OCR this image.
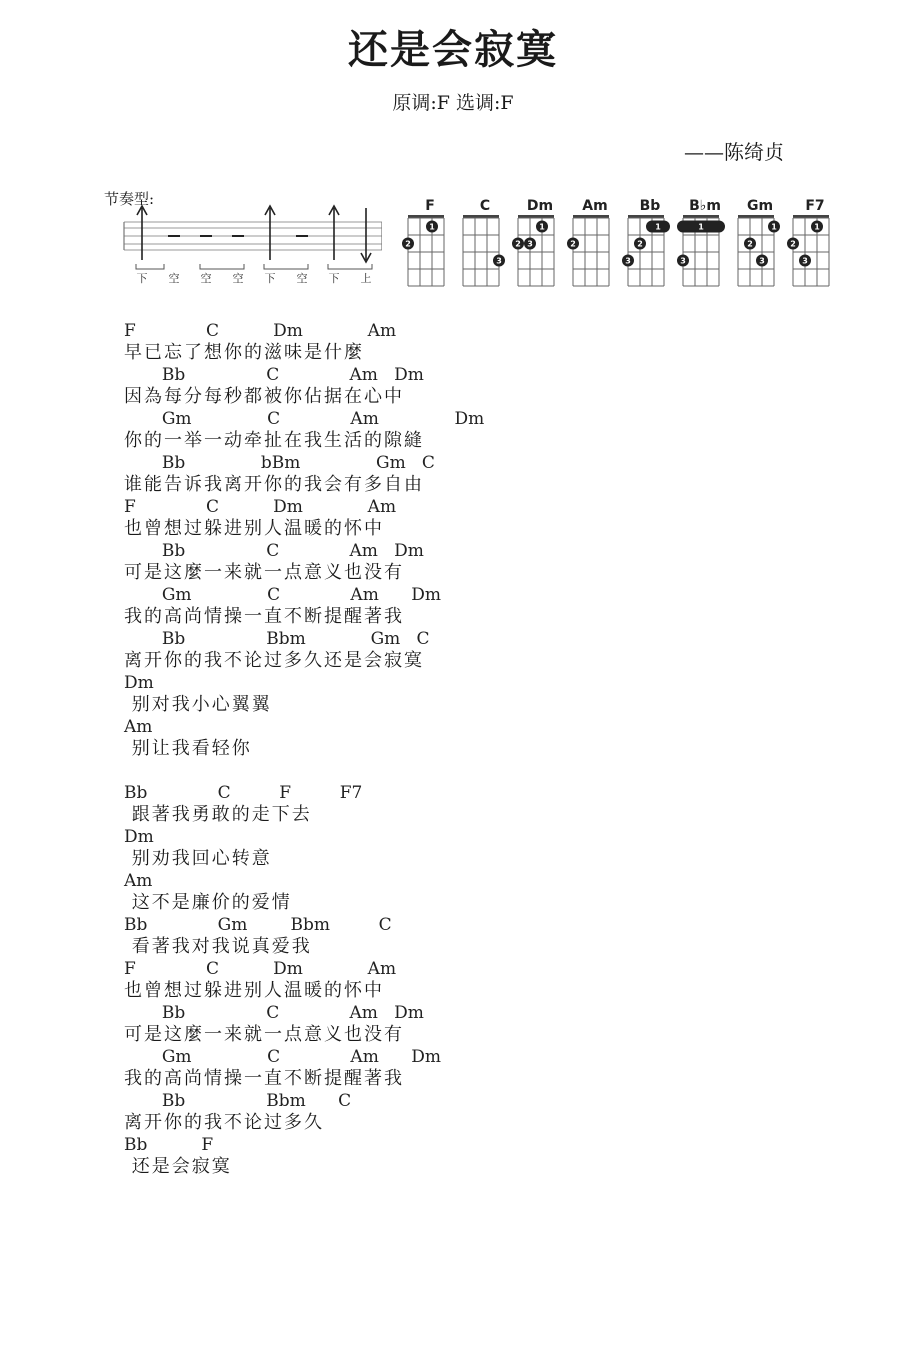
还是会寂寞
原调:F 选调:F
——陈绮贞
节奏型:
下 空 空 空 下 空 下 上
F
2
1
C
3
Dm
2 3
1
Am
2
Bb
1
2
3
B♭m
1
3
Gm
2
1
3
F7
2
3
1
F             C          Dm            Am
早已忘了想你的滋味是什麼
Bb               C             Am   Dm
因為每分每秒都被你佔据在心中
Gm              C             Am              Dm
你的一举一动牵扯在我生活的隙縫
Bb              bBm              Gm   C
谁能告诉我离开你的我会有多自由
F             C          Dm            Am
也曾想过躲进别人温暖的怀中
Bb               C             Am   Dm
可是这麼一来就一点意义也没有
Gm              C             Am      Dm
我的高尚情操一直不断提醒著我
Bb               Bbm            Gm   C
离开你的我不论过多久还是会寂寞
Dm
别对我小心翼翼
Am
别让我看轻你
Bb             C         F         F7
跟著我勇敢的走下去
Dm
别劝我回心转意
Am
这不是廉价的爱情
Bb             Gm        Bbm         C
看著我对我说真爱我
F             C          Dm            Am
也曾想过躲进别人温暖的怀中
Bb               C             Am   Dm
可是这麼一来就一点意义也没有
Gm              C             Am      Dm
我的高尚情操一直不断提醒著我
Bb               Bbm      C
离开你的我不论过多久
Bb          F
还是会寂寞
